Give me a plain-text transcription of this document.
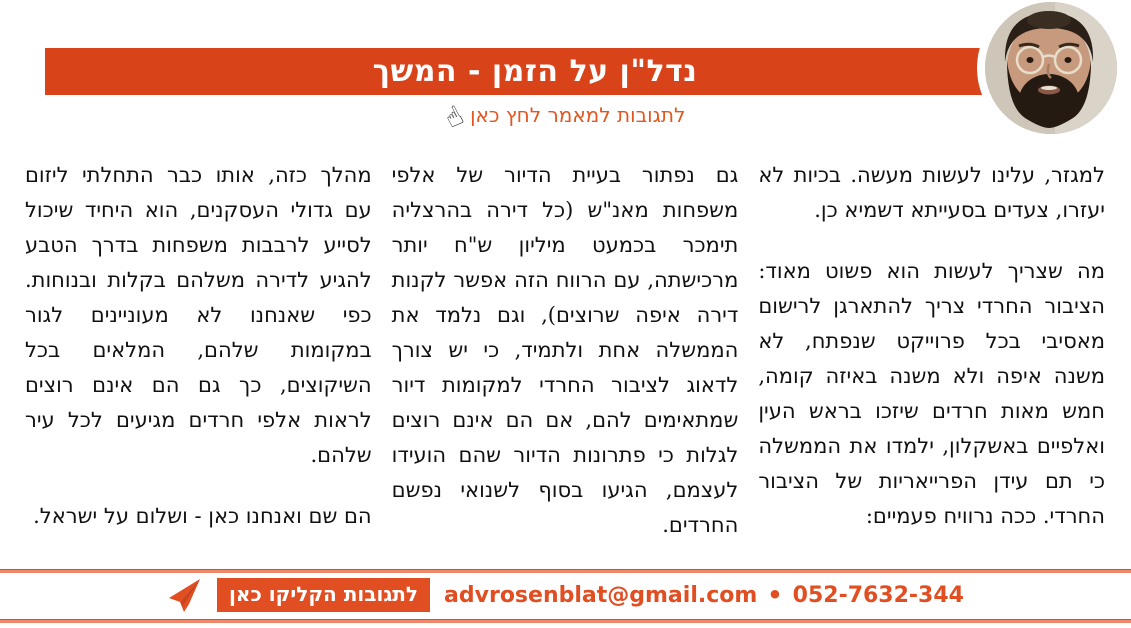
נדל"ן על הזמן - המשך
לתגובות למאמר לחץ כאן
☝

למגזר, עלינו לעשות מעשה. בכיות לא יעזרו, צעדים בסעייתא דשמיא כן.

מה שצריך לעשות הוא פשוט מאוד: הציבור החרדי צריך להתארגן לרישום מאסיבי בכל פרוייקט שנפתח, לא משנה איפה ולא משנה באיזה קומה, חמש מאות חרדים שיזכו בראש העין ואלפיים באשקלון, ילמדו את הממשלה כי תם עידן הפרייאריות של הציבור החרדי. ככה נרוויח פעמיים:

גם נפתור בעיית הדיור של אלפי משפחות מאנ"ש (כל דירה בהרצליה תימכר בכמעט מיליון ש"ח יותר מרכישתה, עם הרווח הזה אפשר לקנות דירה איפה שרוצים), וגם נלמד את הממשלה אחת ולתמיד, כי יש צורך לדאוג לציבור החרדי למקומות דיור שמתאימים להם, אם הם אינם רוצים לגלות כי פתרונות הדיור שהם הועידו לעצמם, הגיעו בסוף לשנואי נפשם החרדים.

מהלך כזה, אותו כבר התחלתי ליזום עם גדולי העסקנים, הוא היחיד שיכול לסייע לרבבות משפחות בדרך הטבע להגיע לדירה משלהם בקלות ובנוחות. כפי שאנחנו לא מעוניינים לגור במקומות שלהם, המלאים בכל השיקוצים, כך גם הם אינם רוצים לראות אלפי חרדים מגיעים לכל עיר שלהם.

הם שם ואנחנו כאן - ושלום על ישראל.

לתגובות הקליקו כאן	advrosenblat@gmail.com • 052-7632-344
